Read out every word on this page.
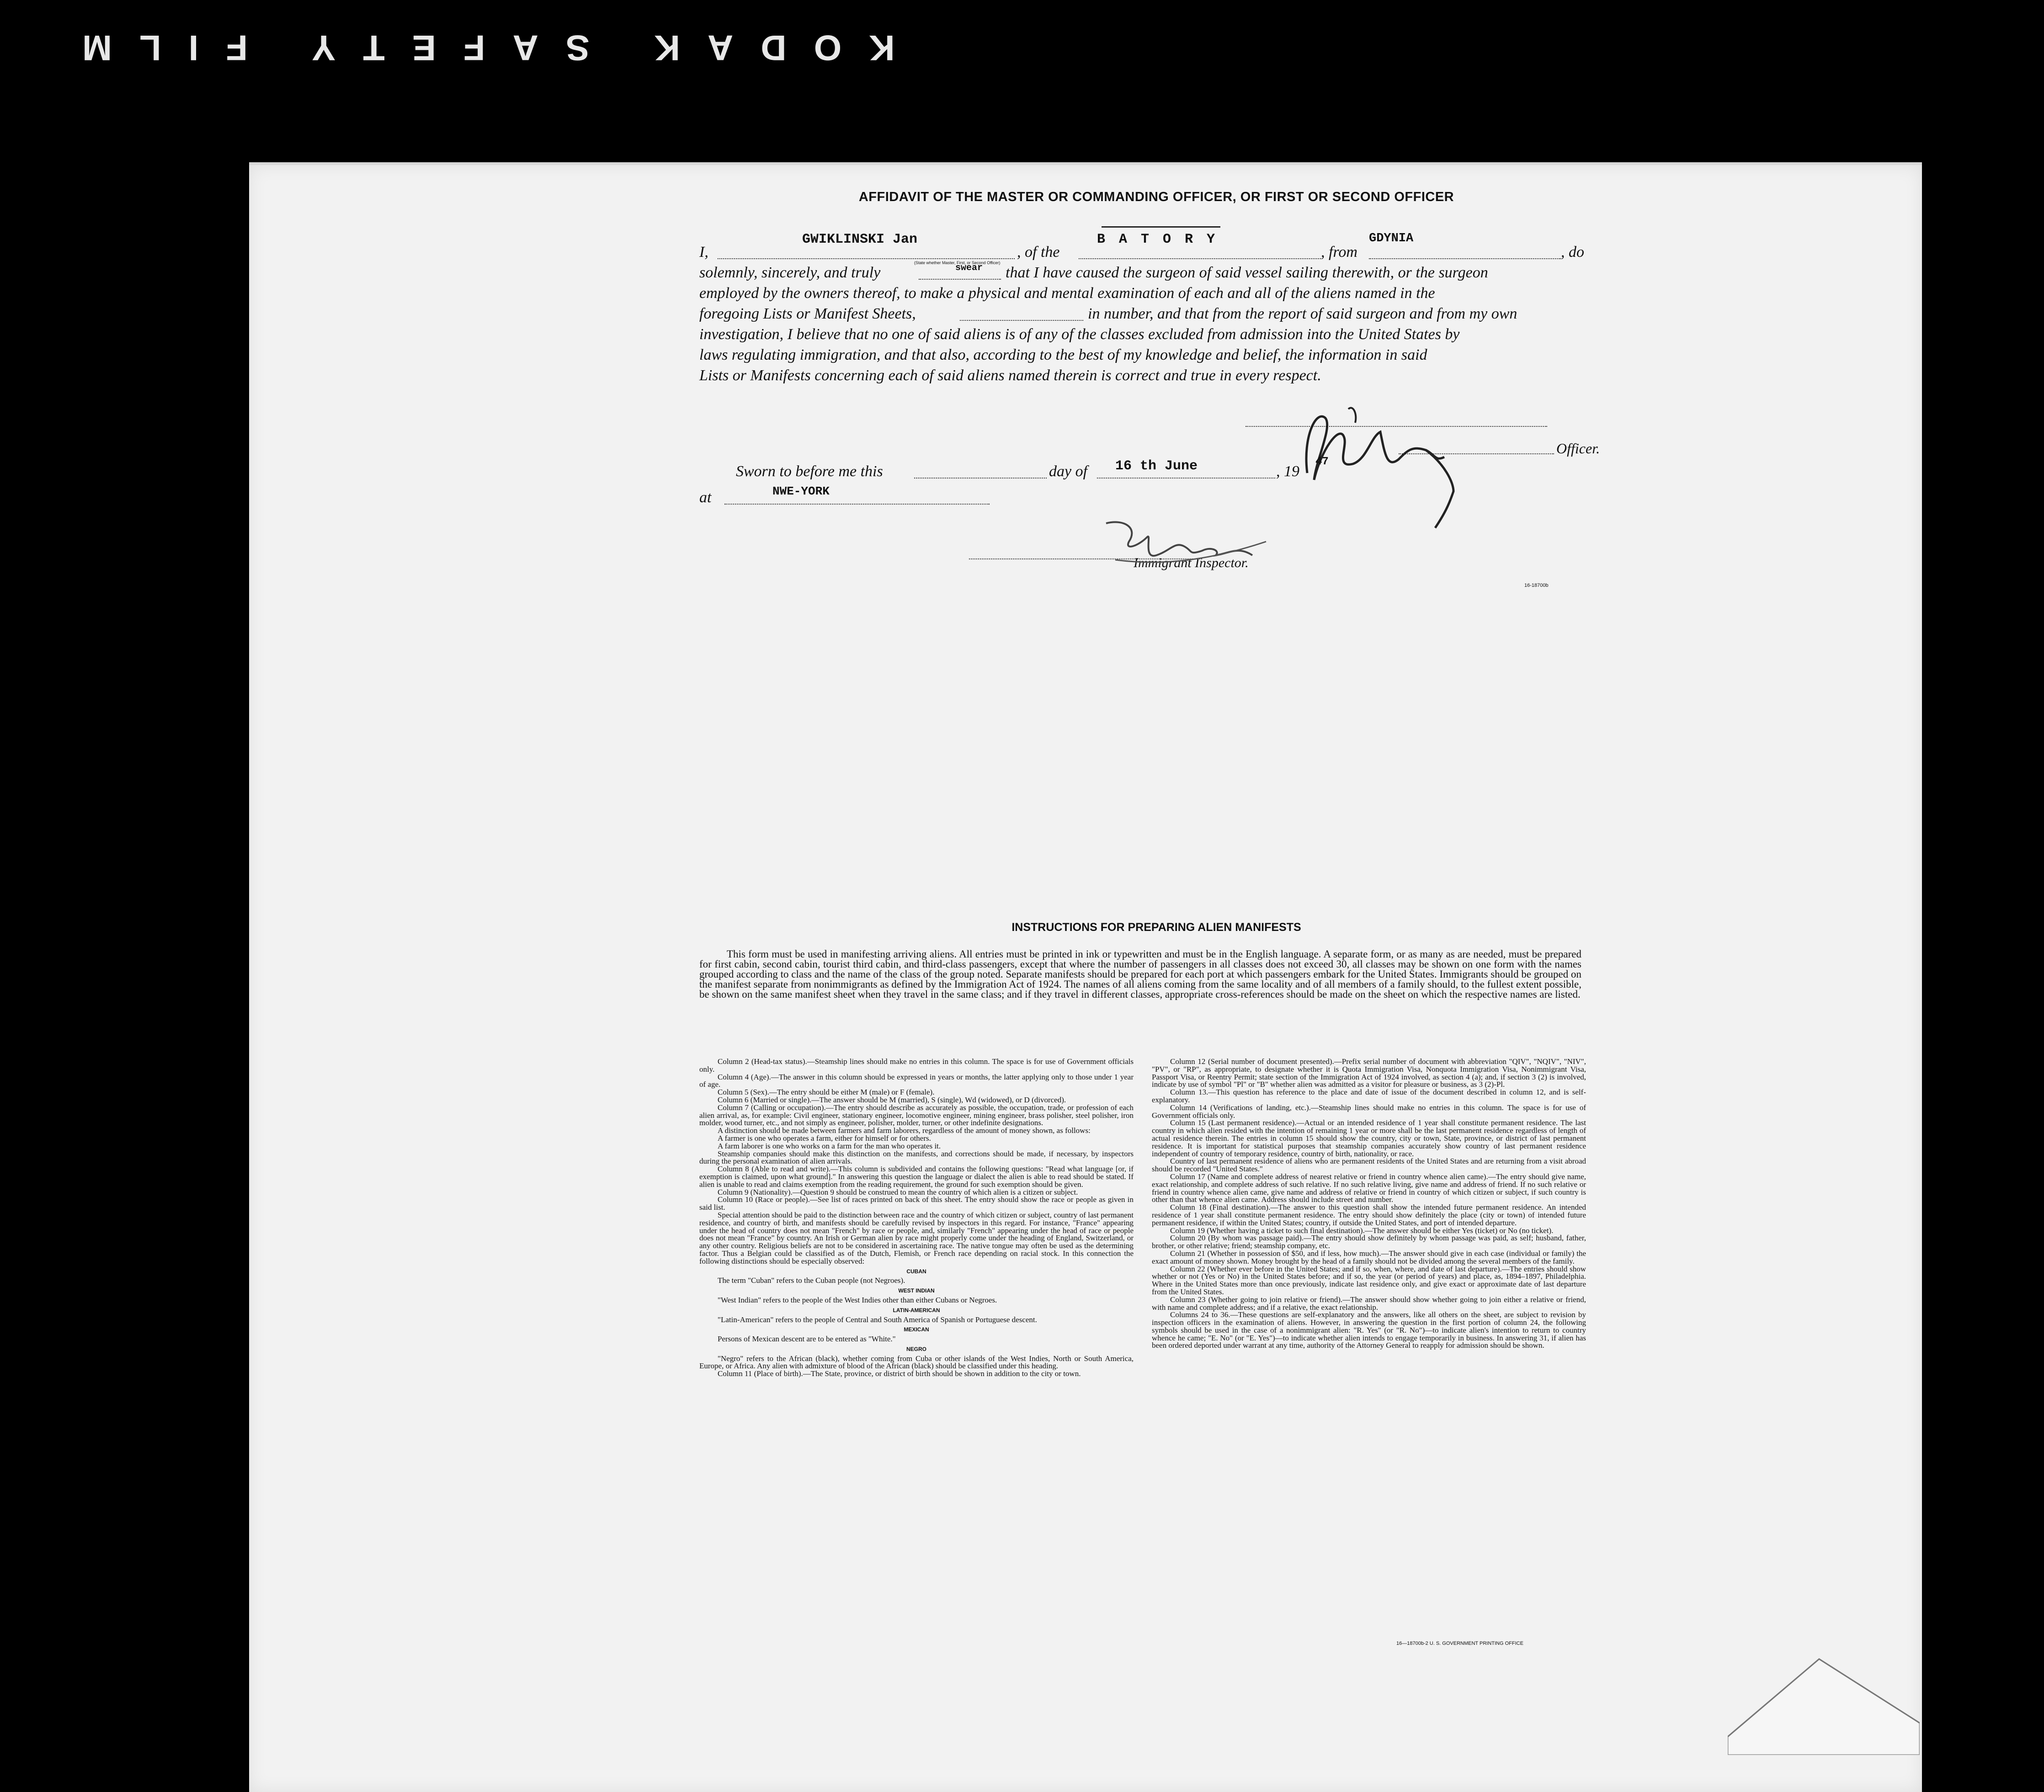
KODAK SAFETY FILM
AFFIDAVIT OF THE MASTER OR COMMANDING OFFICER, OR FIRST OR SECOND OFFICER
I,
GWIKLINSKI Jan
(State whether Master, First, or Second Officer)
, of the
B A T O R Y
, from
GDYNIA
, do
solemnly, sincerely, and truly	swear that I have caused the surgeon of said vessel sailing therewith, or the surgeon
employed by the owners thereof, to make a physical and mental examination of each and all of the aliens named in the
foregoing Lists or Manifest Sheets,	in number, and that from the report of said surgeon and from my own
investigation, I believe that no one of said aliens is of any of the classes excluded from admission into the United States by
laws regulating immigration, and that also, according to the best of my knowledge and belief, the information in said
Lists or Manifests concerning each of said aliens named therein is correct and true in every respect.
Officer.
Sworn to before me this	day of 16 th June	, 19
47
at	NWE-YORK
Immigrant Inspector.
16-18700b
INSTRUCTIONS FOR PREPARING ALIEN MANIFESTS
This form must be used in manifesting arriving aliens. All entries must be printed in ink or typewritten and must be in the English language. A separate form, or as many as are needed, must be prepared for first cabin, second cabin, tourist third cabin, and third-class passengers, except that where the number of passengers in all classes does not exceed 30, all classes may be shown on one form with the names grouped according to class and the name of the class of the group noted. Separate manifests should be prepared for each port at which passengers embark for the United States. Immigrants should be grouped on the manifest separate from nonimmigrants as defined by the Immigration Act of 1924. The names of all aliens coming from the same locality and of all members of a family should, to the fullest extent possible, be shown on the same manifest sheet when they travel in the same class; and if they travel in different classes, appropriate cross-references should be made on the sheet on which the respective names are listed.

Column 2 (Head-tax status).—Steamship lines should make no entries in this column. The space is for use of Government officials only.

Column 4 (Age).—The answer in this column should be expressed in years or months, the latter applying only to those under 1 year of age.

Column 5 (Sex).—The entry should be either M (male) or F (female).

Column 6 (Married or single).—The answer should be M (married), S (single), Wd (widowed), or D (divorced).

Column 7 (Calling or occupation).—The entry should describe as accurately as possible, the occupation, trade, or profession of each alien arrival, as, for example: Civil engineer, stationary engineer, locomotive engineer, mining engineer, brass polisher, steel polisher, iron molder, wood turner, etc., and not simply as engineer, polisher, molder, turner, or other indefinite designations.

A distinction should be made between farmers and farm laborers, regardless of the amount of money shown, as follows:

A farmer is one who operates a farm, either for himself or for others.

A farm laborer is one who works on a farm for the man who operates it.

Steamship companies should make this distinction on the manifests, and corrections should be made, if necessary, by inspectors during the personal examination of alien arrivals.

Column 8 (Able to read and write).—This column is subdivided and contains the following questions: "Read what language [or, if exemption is claimed, upon what ground]." In answering this question the language or dialect the alien is able to read should be stated. If alien is unable to read and claims exemption from the reading requirement, the ground for such exemption should be given.

Column 9 (Nationality).—Question 9 should be construed to mean the country of which alien is a citizen or subject.

Column 10 (Race or people).—See list of races printed on back of this sheet. The entry should show the race or people as given in said list.

Special attention should be paid to the distinction between race and the country of which citizen or subject, country of last permanent residence, and country of birth, and manifests should be carefully revised by inspectors in this regard. For instance, "France" appearing under the head of country does not mean "French" by race or people, and, similarly "French" appearing under the head of race or people does not mean "France" by country. An Irish or German alien by race might properly come under the heading of England, Switzerland, or any other country. Religious beliefs are not to be considered in ascertaining race. The native tongue may often be used as the determining factor. Thus a Belgian could be classified as of the Dutch, Flemish, or French race depending on racial stock. In this connection the following distinctions should be especially observed:

CUBAN

The term "Cuban" refers to the Cuban people (not Negroes).

WEST INDIAN

"West Indian" refers to the people of the West Indies other than either Cubans or Negroes.

LATIN-AMERICAN

"Latin-American" refers to the people of Central and South America of Spanish or Portuguese descent.

MEXICAN

Persons of Mexican descent are to be entered as "White."

NEGRO

"Negro" refers to the African (black), whether coming from Cuba or other islands of the West Indies, North or South America, Europe, or Africa. Any alien with admixture of blood of the African (black) should be classified under this heading.

Column 11 (Place of birth).—The State, province, or district of birth should be shown in addition to the city or town.

Column 12 (Serial number of document presented).—Prefix serial number of document with abbreviation "QIV", "NQIV", "NIV", "PV", or "RP", as appropriate, to designate whether it is Quota Immigration Visa, Nonquota Immigration Visa, Nonimmigrant Visa, Passport Visa, or Reentry Permit; state section of the Immigration Act of 1924 involved, as section 4 (a); and, if section 3 (2) is involved, indicate by use of symbol "Pl" or "B" whether alien was admitted as a visitor for pleasure or business, as 3 (2)-Pl.

Column 13.—This question has reference to the place and date of issue of the document described in column 12, and is self-explanatory.

Column 14 (Verifications of landing, etc.).—Steamship lines should make no entries in this column. The space is for use of Government officials only.

Column 15 (Last permanent residence).—Actual or an intended residence of 1 year shall constitute permanent residence. The last country in which alien resided with the intention of remaining 1 year or more shall be the last permanent residence regardless of length of actual residence therein. The entries in column 15 should show the country, city or town, State, province, or district of last permanent residence. It is important for statistical purposes that steamship companies accurately show country of last permanent residence independent of country of temporary residence, country of birth, nationality, or race.

Country of last permanent residence of aliens who are permanent residents of the United States and are returning from a visit abroad should be recorded "United States."

Column 17 (Name and complete address of nearest relative or friend in country whence alien came).—The entry should give name, exact relationship, and complete address of such relative. If no such relative living, give name and address of friend. If no such relative or friend in country whence alien came, give name and address of relative or friend in country of which citizen or subject, if such country is other than that whence alien came. Address should include street and number.

Column 18 (Final destination).—The answer to this question shall show the intended future permanent residence. An intended residence of 1 year shall constitute permanent residence. The entry should show definitely the place (city or town) of intended future permanent residence, if within the United States; country, if outside the United States, and port of intended departure.

Column 19 (Whether having a ticket to such final destination).—The answer should be either Yes (ticket) or No (no ticket).

Column 20 (By whom was passage paid).—The entry should show definitely by whom passage was paid, as self; husband, father, brother, or other relative; friend; steamship company, etc.

Column 21 (Whether in possession of $50, and if less, how much).—The answer should give in each case (individual or family) the exact amount of money shown. Money brought by the head of a family should not be divided among the several members of the family.

Column 22 (Whether ever before in the United States; and if so, when, where, and date of last departure).—The entries should show whether or not (Yes or No) in the United States before; and if so, the year (or period of years) and place, as, 1894–1897, Philadelphia. Where in the United States more than once previously, indicate last residence only, and give exact or approximate date of last departure from the United States.

Column 23 (Whether going to join relative or friend).—The answer should show whether going to join either a relative or friend, with name and complete address; and if a relative, the exact relationship.

Columns 24 to 36.—These questions are self-explanatory and the answers, like all others on the sheet, are subject to revision by inspection officers in the examination of aliens. However, in answering the question in the first portion of column 24, the following symbols should be used in the case of a nonimmigrant alien: "R. Yes" (or "R. No")—to indicate alien's intention to return to country whence he came; "E. No" (or "E. Yes")—to indicate whether alien intends to engage temporarily in business. In answering 31, if alien has been ordered deported under warrant at any time, authority of the Attorney General to reapply for admission should be shown.

16—18700b-2 U. S. GOVERNMENT PRINTING OFFICE
